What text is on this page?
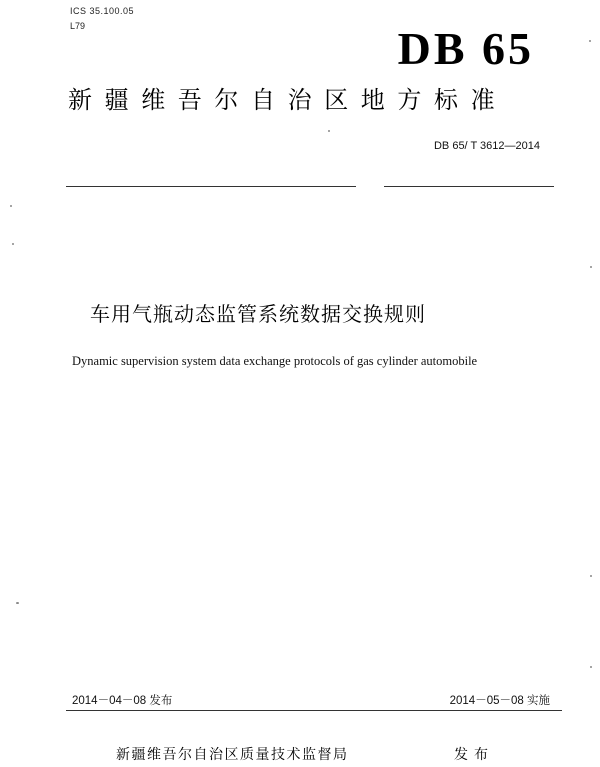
ICS 35.100.05
L79	DB 65
新疆维吾尔自治区地方标准
DB 65/ T 3612—2014
车用气瓶动态监管系统数据交换规则
Dynamic supervision system data exchange protocols of gas cylinder automobile
2014－04－08 发布	2014－05－08 实施
新疆维吾尔自治区质量技术监督局	发布
